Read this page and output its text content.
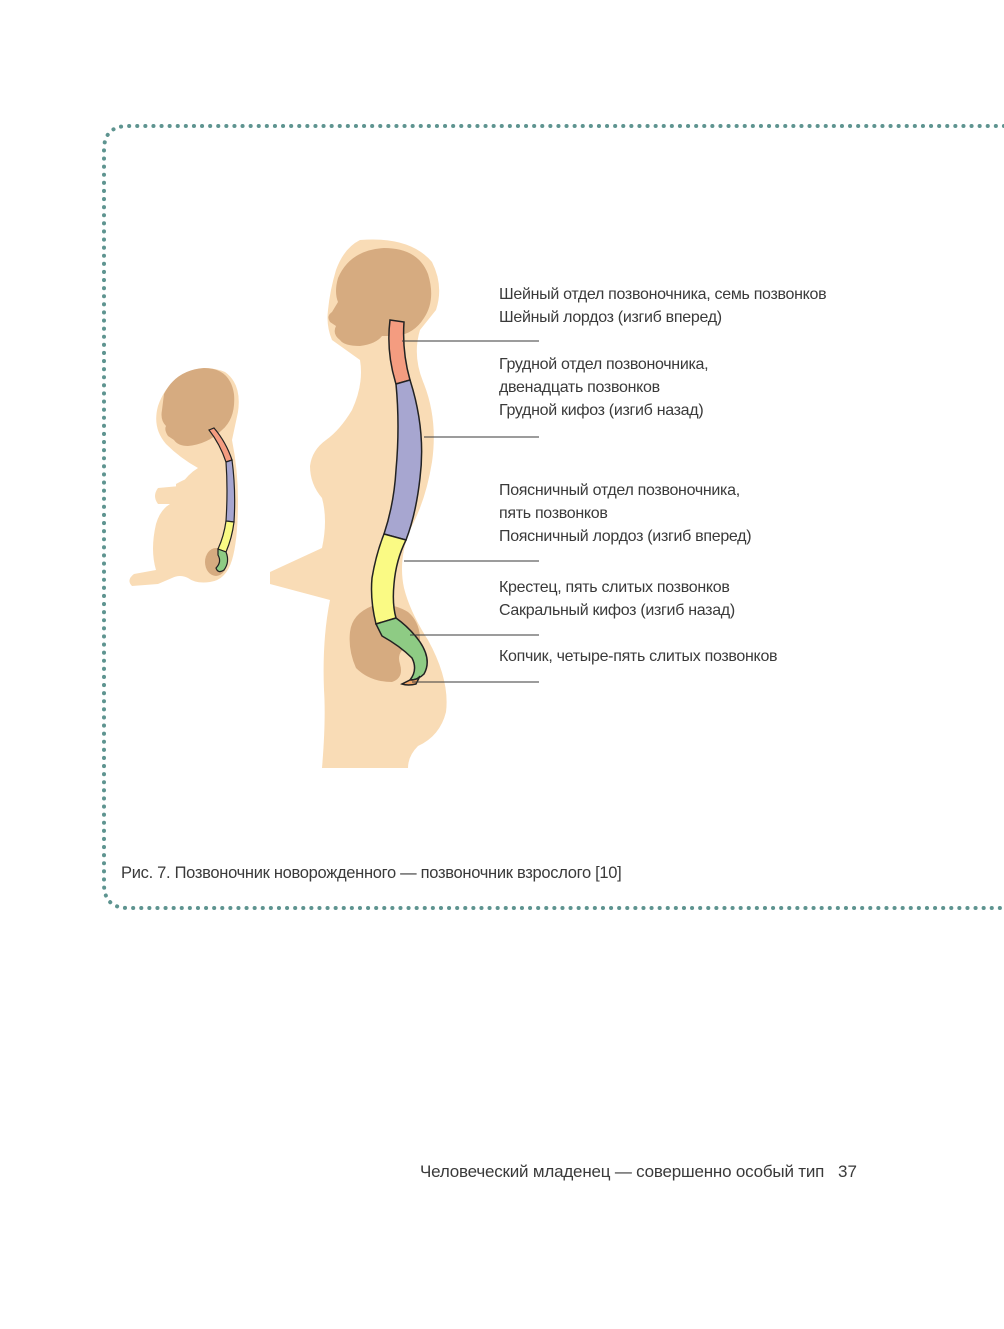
Шейный отдел позвоночника, семь позвонков
Шейный лордоз (изгиб вперед)
Грудной отдел позвоночника,
двенадцать позвонков
Грудной кифоз (изгиб назад)
Поясничный отдел позвоночника,
пять позвонков
Поясничный лордоз (изгиб вперед)
Крестец, пять слитых позвонков
Сакральный кифоз (изгиб назад)
Копчик, четыре-пять слитых позвонков
Рис. 7. Позвоночник новорожденного — позвоночник взрослого [10]
Человеческий младенец — совершенно особый тип 37
